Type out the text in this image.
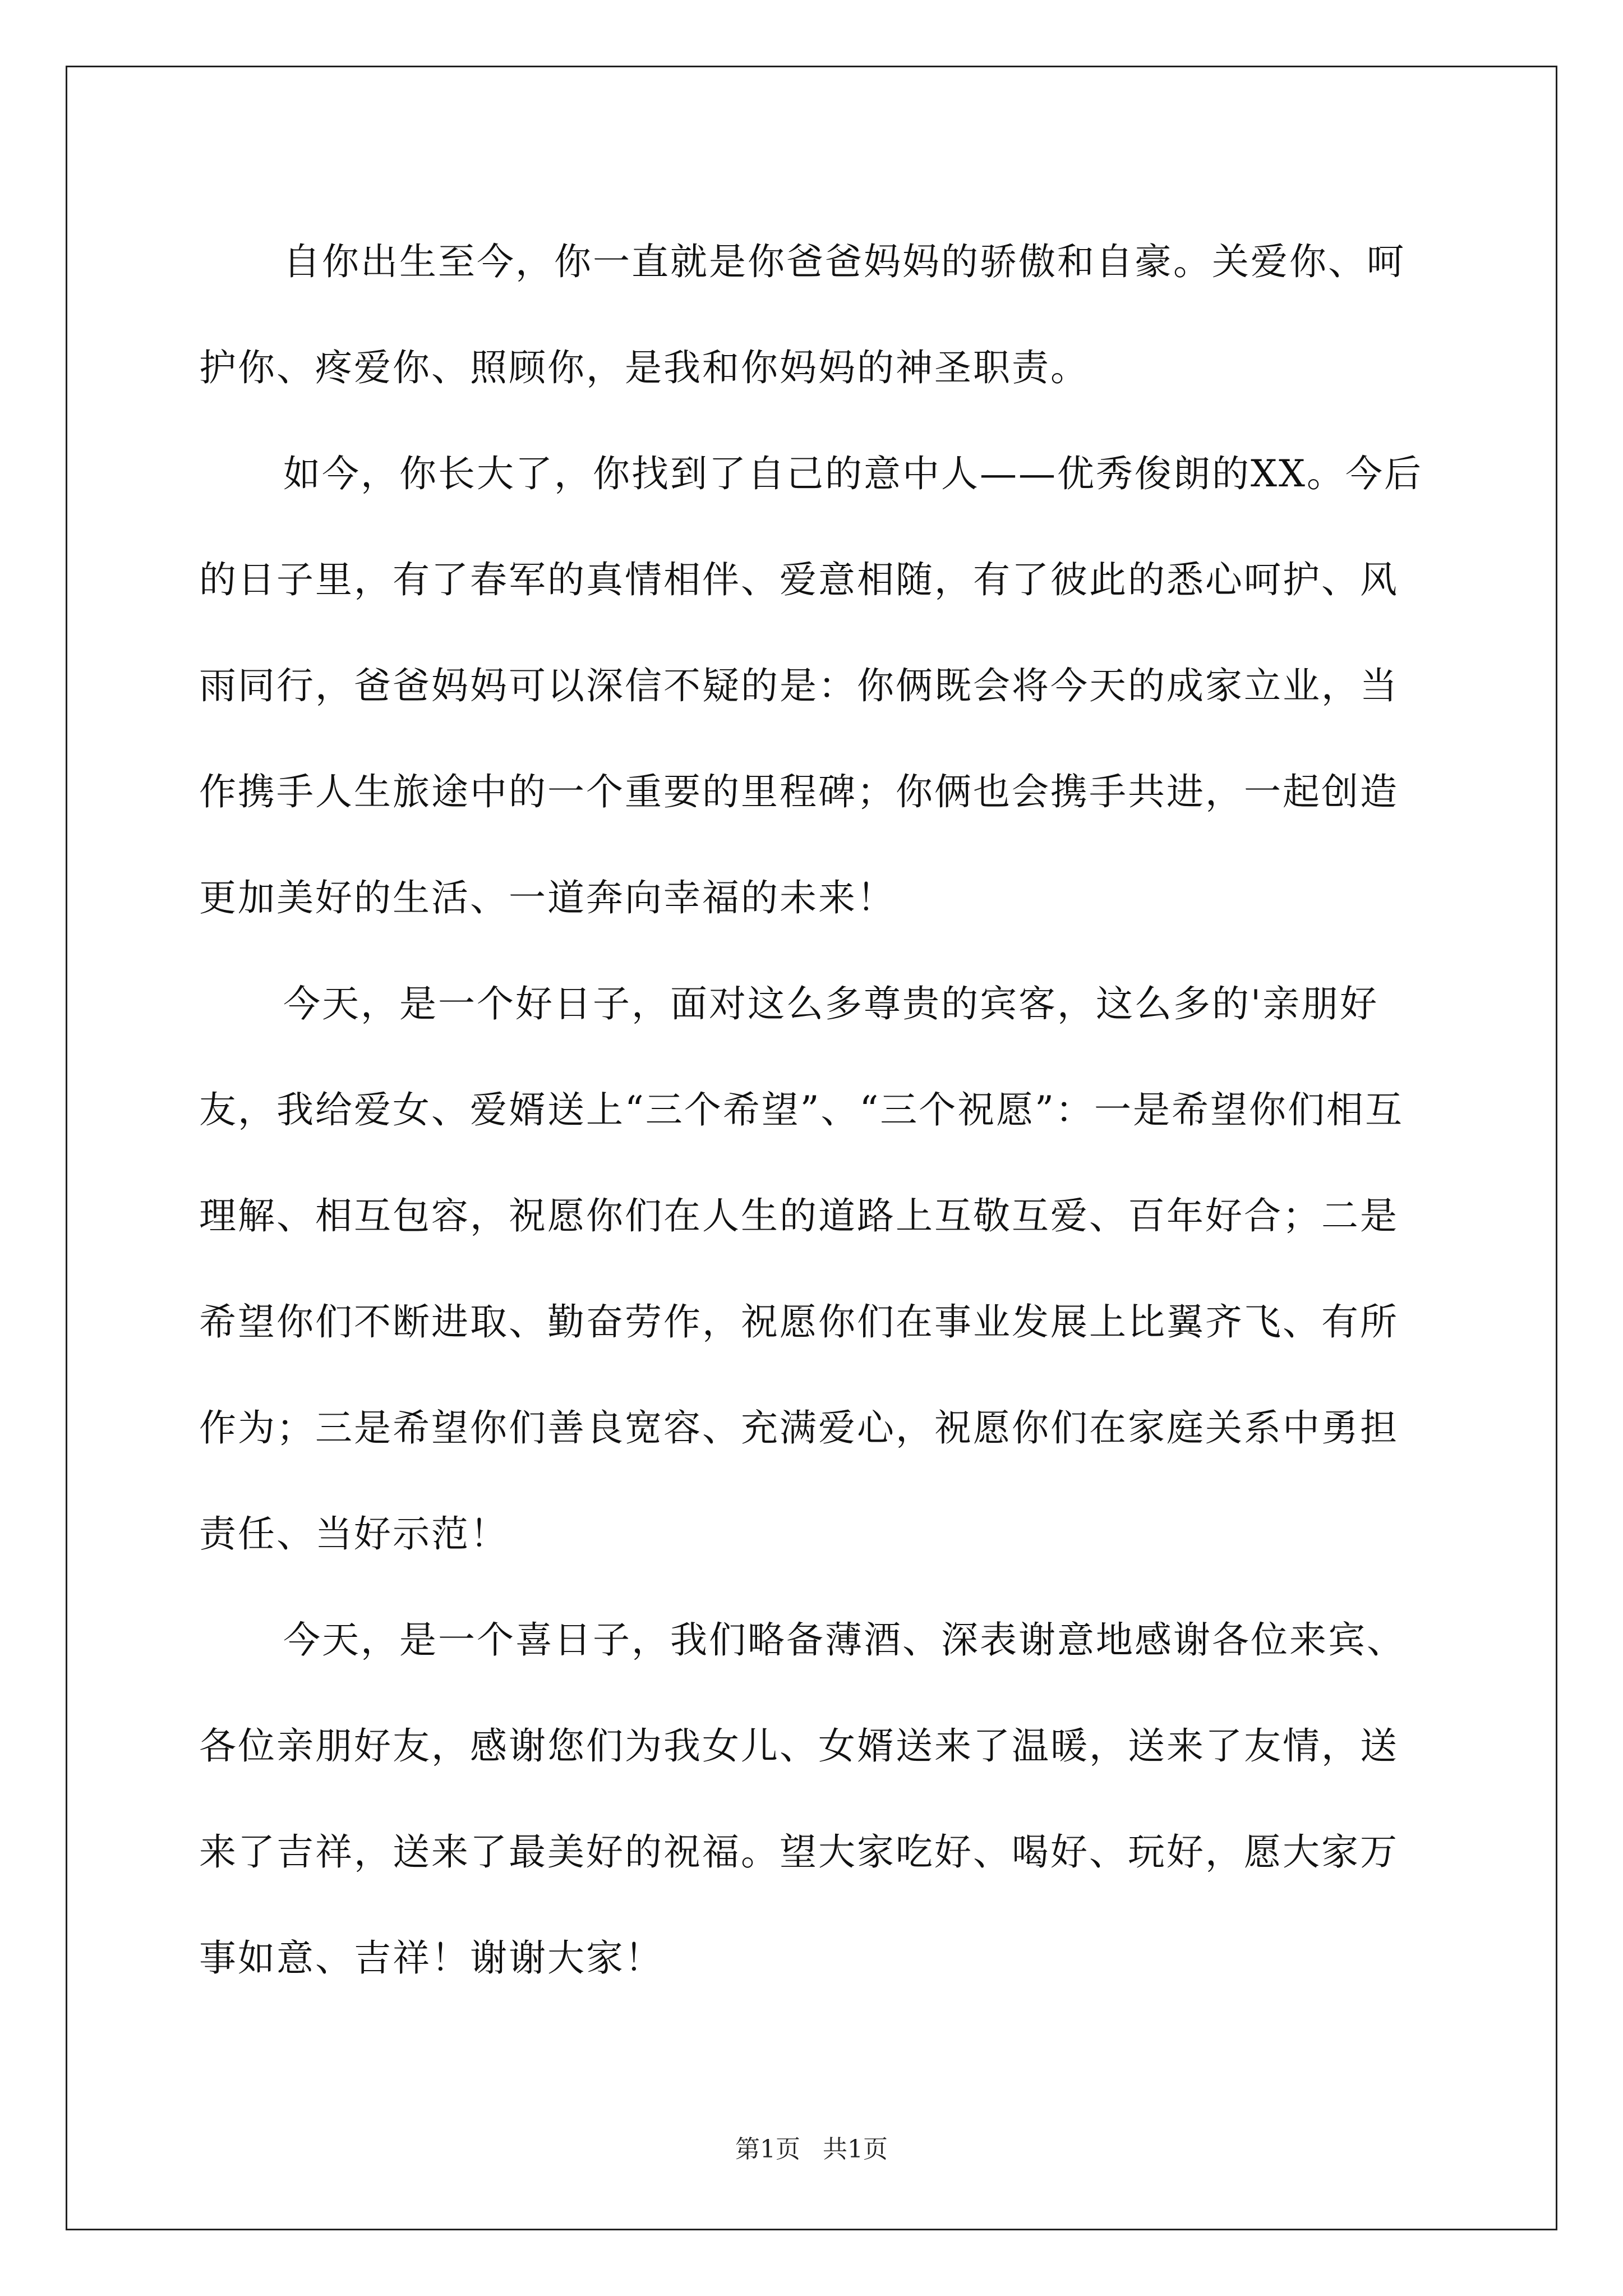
自你出生至今，你一直就是你爸爸妈妈的骄傲和自豪。关爱你、呵护你、疼爱你、照顾你，是我和你妈妈的神圣职责。

如今，你长大了，你找到了自己的意中人——优秀俊朗的XX。今后的日子里，有了春军的真情相伴、爱意相随，有了彼此的悉心呵护、风雨同行，爸爸妈妈可以深信不疑的是：你俩既会将今天的成家立业，当作携手人生旅途中的一个重要的里程碑；你俩也会携手共进，一起创造更加美好的生活、一道奔向幸福的未来！

今天，是一个好日子，面对这么多尊贵的宾客，这么多的'亲朋好友，我给爱女、爱婿送上“三个希望”、“三个祝愿”：一是希望你们相互理解、相互包容，祝愿你们在人生的道路上互敬互爱、百年好合；二是希望你们不断进取、勤奋劳作，祝愿你们在事业发展上比翼齐飞、有所作为；三是希望你们善良宽容、充满爱心，祝愿你们在家庭关系中勇担责任、当好示范！

今天，是一个喜日子，我们略备薄酒、深表谢意地感谢各位来宾、各位亲朋好友，感谢您们为我女儿、女婿送来了温暖，送来了友情，送来了吉祥，送来了最美好的祝福。望大家吃好、喝好、玩好，愿大家万事如意、吉祥！谢谢大家！

第1页 共1页
